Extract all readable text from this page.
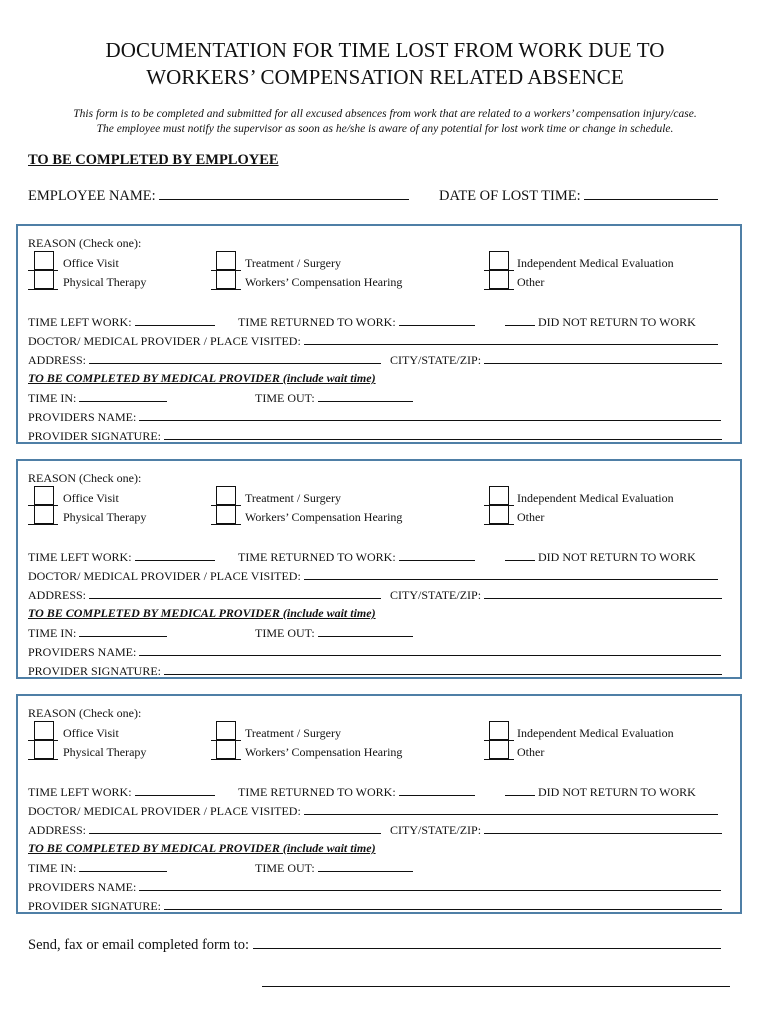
DOCUMENTATION FOR TIME LOST FROM WORK DUE TO
WORKERS’ COMPENSATION RELATED ABSENCE
This form is to be completed and submitted for all excused absences from work that are related to a workers’ compensation injury/case.
The employee must notify the supervisor as soon as he/she is aware of any potential for lost work time or change in schedule.
TO BE COMPLETED BY EMPLOYEE
EMPLOYEE NAME:	DATE OF LOST TIME:
REASON (Check one):
Office Visit
Physical Therapy
Treatment / Surgery
Workers’ Compensation Hearing
Independent Medical Evaluation
Other
TIME LEFT WORK:	TIME RETURNED TO WORK:	DID NOT RETURN TO WORK
DOCTOR/ MEDICAL PROVIDER / PLACE VISITED:
ADDRESS:	CITY/STATE/ZIP:
TO BE COMPLETED BY MEDICAL PROVIDER (include wait time)
TIME IN:	TIME OUT:
PROVIDERS NAME:
PROVIDER SIGNATURE:
REASON (Check one):
Office Visit
Physical Therapy
Treatment / Surgery
Workers’ Compensation Hearing
Independent Medical Evaluation
Other
TIME LEFT WORK:	TIME RETURNED TO WORK:	DID NOT RETURN TO WORK
DOCTOR/ MEDICAL PROVIDER / PLACE VISITED:
ADDRESS:	CITY/STATE/ZIP:
TO BE COMPLETED BY MEDICAL PROVIDER (include wait time)
TIME IN:	TIME OUT:
PROVIDERS NAME:
PROVIDER SIGNATURE:
REASON (Check one):
Office Visit
Physical Therapy
Treatment / Surgery
Workers’ Compensation Hearing
Independent Medical Evaluation
Other
TIME LEFT WORK:	TIME RETURNED TO WORK:	DID NOT RETURN TO WORK
DOCTOR/ MEDICAL PROVIDER / PLACE VISITED:
ADDRESS:	CITY/STATE/ZIP:
TO BE COMPLETED BY MEDICAL PROVIDER (include wait time)
TIME IN:	TIME OUT:
PROVIDERS NAME:
PROVIDER SIGNATURE:
Send, fax or email completed form to:
